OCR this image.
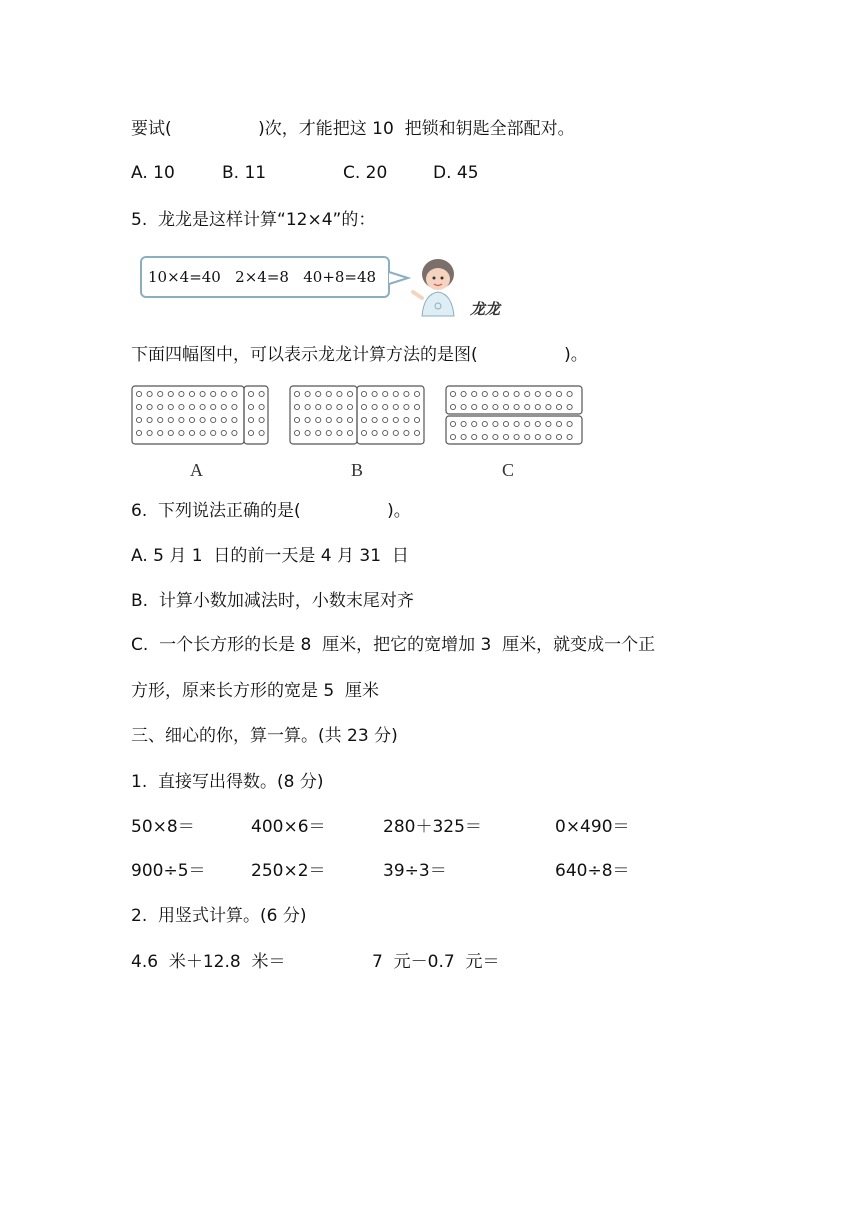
要试(                )次，才能把这 10  把锁和钥匙全部配对。
A. 10	B. 11	C. 20	D. 45
5.  龙龙是这样计算“12×4”的：
10×4=40   2×4=8   40+8=48
龙龙
下面四幅图中，可以表示龙龙计算方法的是图(                )。
A	B	C
6.  下列说法正确的是(                )。
A. 5 月 1  日的前一天是 4 月 31  日
B.  计算小数加减法时，小数末尾对齐
C.  一个长方形的长是 8  厘米，把它的宽增加 3  厘米，就变成一个正
方形，原来长方形的宽是 5  厘米
三、细心的你，算一算。(共 23 分)
1.  直接写出得数。(8 分)
50×8＝	400×6＝	280＋325＝	0×490＝
900÷5＝	250×2＝	39÷3＝	640÷8＝
2.  用竖式计算。(6 分)
4.6  米＋12.8  米＝	7  元－0.7  元＝
